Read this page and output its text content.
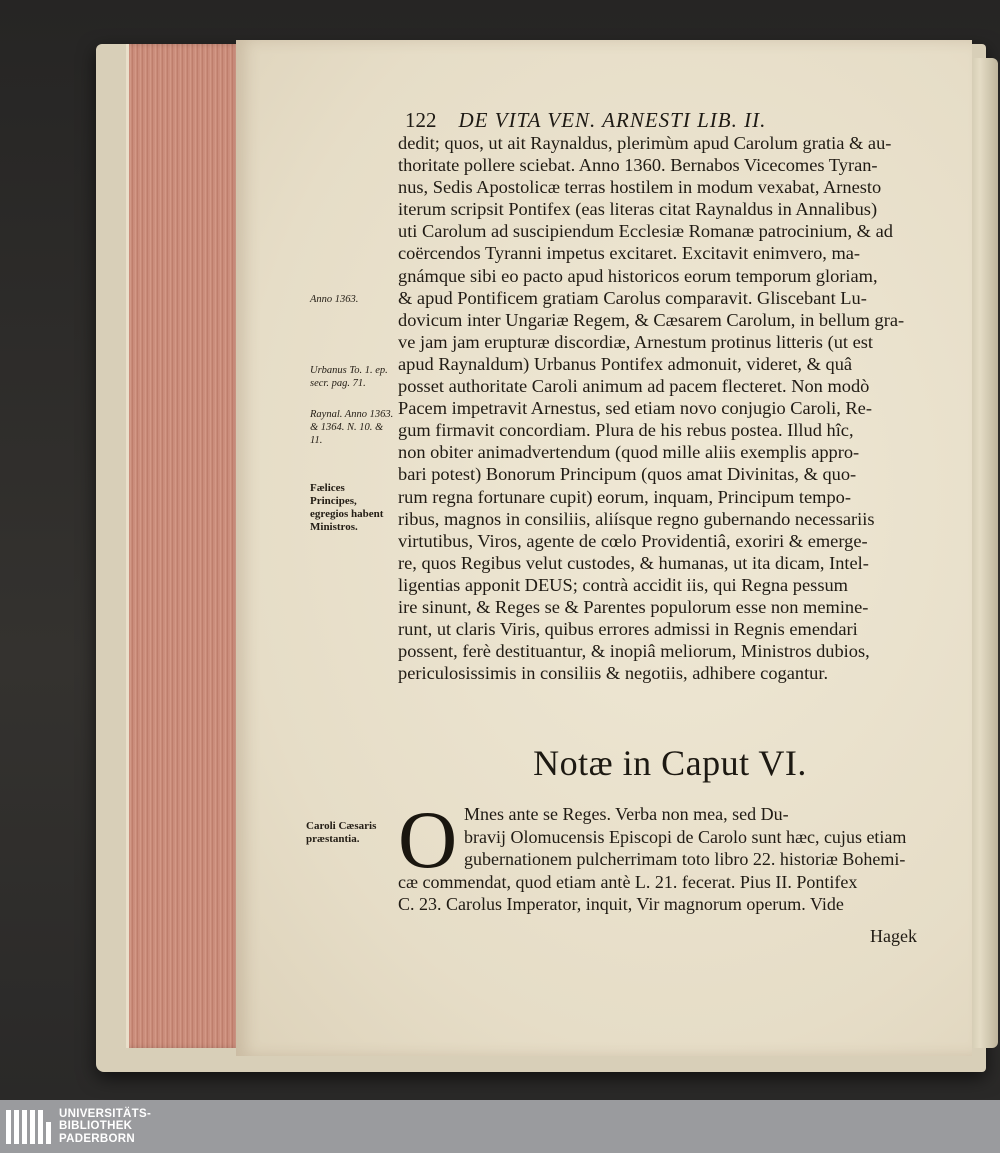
122 DE VITA VEN. ARNESTI LIB. II.
dedit; quos, ut ait Raynaldus, plerimùm apud Carolum gratia & au-
thoritate pollere sciebat. Anno 1360. Bernabos Vicecomes Tyran-
nus, Sedis Apostolicæ terras hostilem in modum vexabat, Arnesto
iterum scripsit Pontifex (eas literas citat Raynaldus in Annalibus)
uti Carolum ad suscipiendum Ecclesiæ Romanæ patrocinium, & ad
coërcendos Tyranni impetus excitaret. Excitavit enimvero, ma-
gnámque sibi eo pacto apud historicos eorum temporum gloriam,
& apud Pontificem gratiam Carolus comparavit. Gliscebant Lu-
dovicum inter Ungariæ Regem, & Cæsarem Carolum, in bellum gra-
ve jam jam erupturæ discordiæ, Arnestum protinus litteris (ut est
apud Raynaldum) Urbanus Pontifex admonuit, videret, & quâ
posset authoritate Caroli animum ad pacem flecteret. Non modò
Pacem impetravit Arnestus, sed etiam novo conjugio Caroli, Re-
gum firmavit concordiam. Plura de his rebus postea. Illud hîc,
non obiter animadvertendum (quod mille aliis exemplis appro-
bari potest) Bonorum Principum (quos amat Divinitas, & quo-
rum regna fortunare cupit) eorum, inquam, Principum tempo-
ribus, magnos in consiliis, aliísque regno gubernando necessariis
virtutibus, Viros, agente de cœlo Providentiâ, exoriri & emerge-
re, quos Regibus velut custodes, & humanas, ut ita dicam, Intel-
ligentias apponit DEUS; contrà accidit iis, qui Regna pessum
ire sinunt, & Reges se & Parentes populorum esse non memine-
runt, ut claris Viris, quibus errores admissi in Regnis emendari
possent, ferè destituantur, & inopiâ meliorum, Ministros dubios,
periculosissimis in consiliis & negotiis, adhibere cogantur.
Anno 1363.
Urbanus To. 1. ep. secr. pag. 71.
Raynal. Anno 1363. & 1364. N. 10. & 11.
Fælices Principes, egregios habent Ministros.
Caroli Cæsaris præstantia.
Notæ in Caput VI.
O Mnes ante se Reges. Verba non mea, sed Du-
bravij Olomucensis Episcopi de Carolo sunt hæc, cujus etiam
gubernationem pulcherrimam toto libro 22. historiæ Bohemi-
cæ commendat, quod etiam antè L. 21. fecerat. Pius II. Pontifex
C. 23. Carolus Imperator, inquit, Vir magnorum operum. Vide
Hagek
UNIVERSITÄTS-
BIBLIOTHEK
PADERBORN
